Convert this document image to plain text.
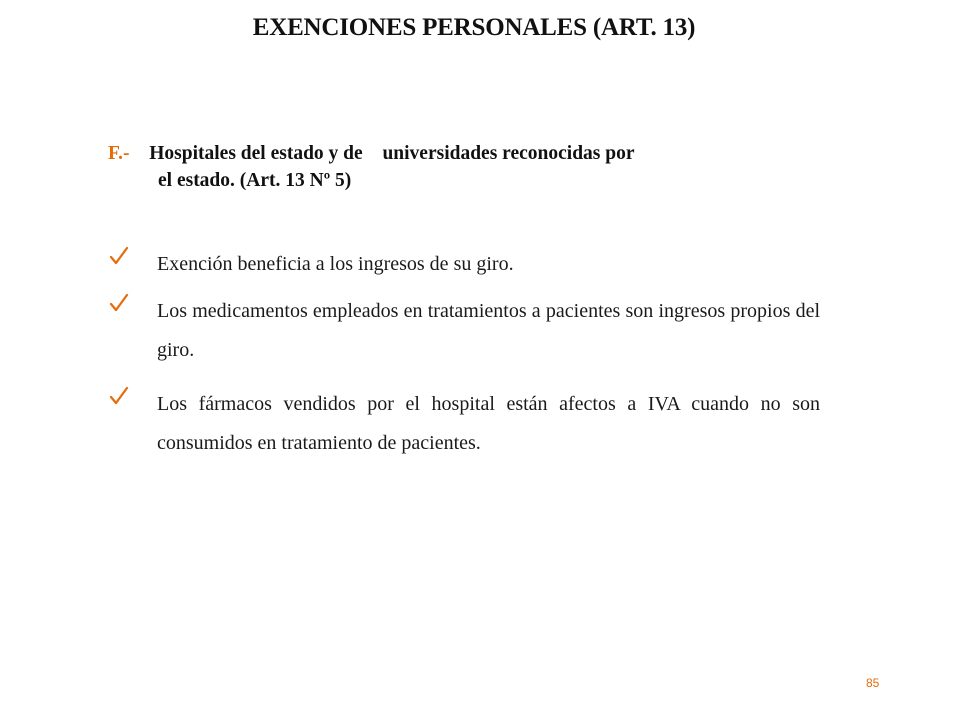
EXENCIONES PERSONALES (ART. 13)
F.- Hospitales del estado y de universidades reconocidas por
el estado. (Art. 13 Nº 5)
Exención beneficia a los ingresos de su giro.
Los medicamentos empleados en tratamientos a pacientes son ingresos propios del giro.
Los fármacos vendidos por el hospital están afectos a IVA cuando no son consumidos en tratamiento de pacientes.
85
